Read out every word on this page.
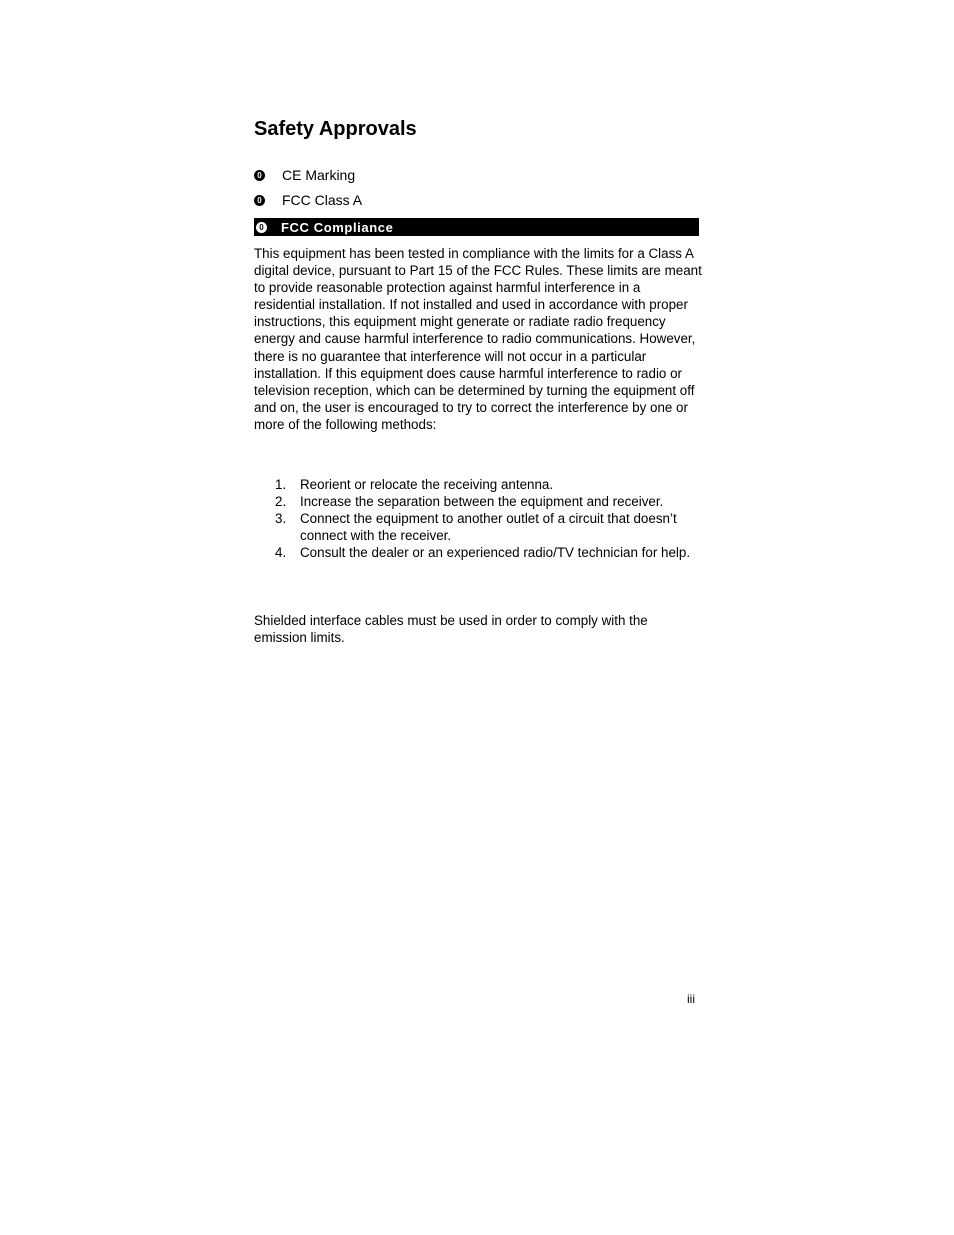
Safety Approvals
0 CE Marking
0 FCC Class A
0 FCC Compliance

This equipment has been tested in compliance with the limits for a Class A digital device, pursuant to Part 15 of the FCC Rules. These limits are meant to provide reasonable protection against harmful interference in a residential installation. If not installed and used in accordance with proper instructions, this equipment might generate or radiate radio frequency energy and cause harmful interference to radio communications. However, there is no guarantee that interference will not occur in a particular installation. If this equipment does cause harmful interference to radio or television reception, which can be determined by turning the equipment off and on, the user is encouraged to try to correct the interference by one or more of the following methods:

1.	Reorient or relocate the receiving antenna.
2.	Increase the separation between the equipment and receiver.
3.	Connect the equipment to another outlet of a circuit that doesn’t connect with the receiver.
4.	Consult the dealer or an experienced radio/TV technician for help.

Shielded interface cables must be used in order to comply with the emission limits.

iii
